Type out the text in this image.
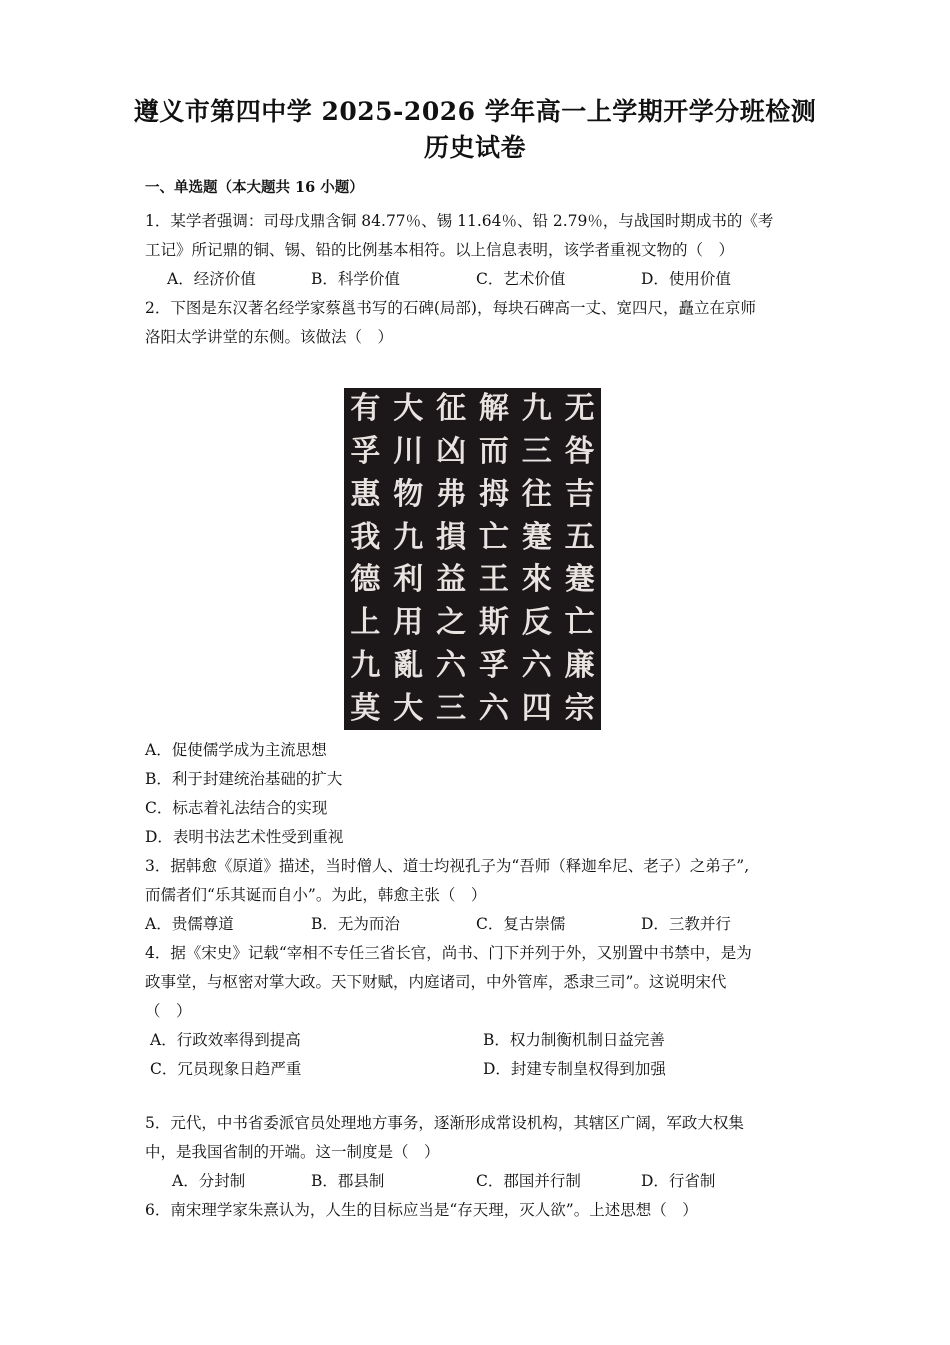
遵义市第四中学 2025-2026 学年高一上学期开学分班检测
历史试卷
一、单选题（本大题共 16 小题）
1．某学者强调：司母戊鼎含铜 84.77％、锡 11.64％、铅 2.79％，与战国时期成书的《考
工记》所记鼎的铜、锡、铅的比例基本相符。以上信息表明，该学者重视文物的（　）
A．经济价值	B．科学价值	C．艺术价值	D．使用价值
2．下图是东汉著名经学家蔡邕书写的石碑(局部)，每块石碑高一丈、宽四尺，矗立在京师
洛阳太学讲堂的东侧。该做法（　）
有 大 征 解 九 无
孚 川 凶 而 三 咎
惠 物 弗 拇 往 吉
我 九 損 亡 蹇 五
德 利 益 王 來 蹇
上 用 之 斯 反 亡
九 亂 六 孚 六 廉
莫 大 三 六 四 宗
A．促使儒学成为主流思想
B．利于封建统治基础的扩大
C．标志着礼法结合的实现
D．表明书法艺术性受到重视
3．据韩愈《原道》描述，当时僧人、道士均视孔子为“吾师（释迦牟尼、老子）之弟子”,
而儒者们“乐其诞而自小”。为此，韩愈主张（　）
A．贵儒尊道	B．无为而治	C．复古崇儒	D．三教并行
4．据《宋史》记载“宰相不专任三省长官，尚书、门下并列于外，又别置中书禁中，是为
政事堂，与枢密对掌大政。天下财赋，内庭诸司，中外管库，悉隶三司”。这说明宋代
（　）
A．行政效率得到提高	B．权力制衡机制日益完善
C．冗员现象日趋严重	D．封建专制皇权得到加强
5．元代，中书省委派官员处理地方事务，逐渐形成常设机构，其辖区广阔，军政大权集
中，是我国省制的开端。这一制度是（　）
A．分封制	B．郡县制	C．郡国并行制	D．行省制
6．南宋理学家朱熹认为，人生的目标应当是“存天理，灭人欲”。上述思想（　）
